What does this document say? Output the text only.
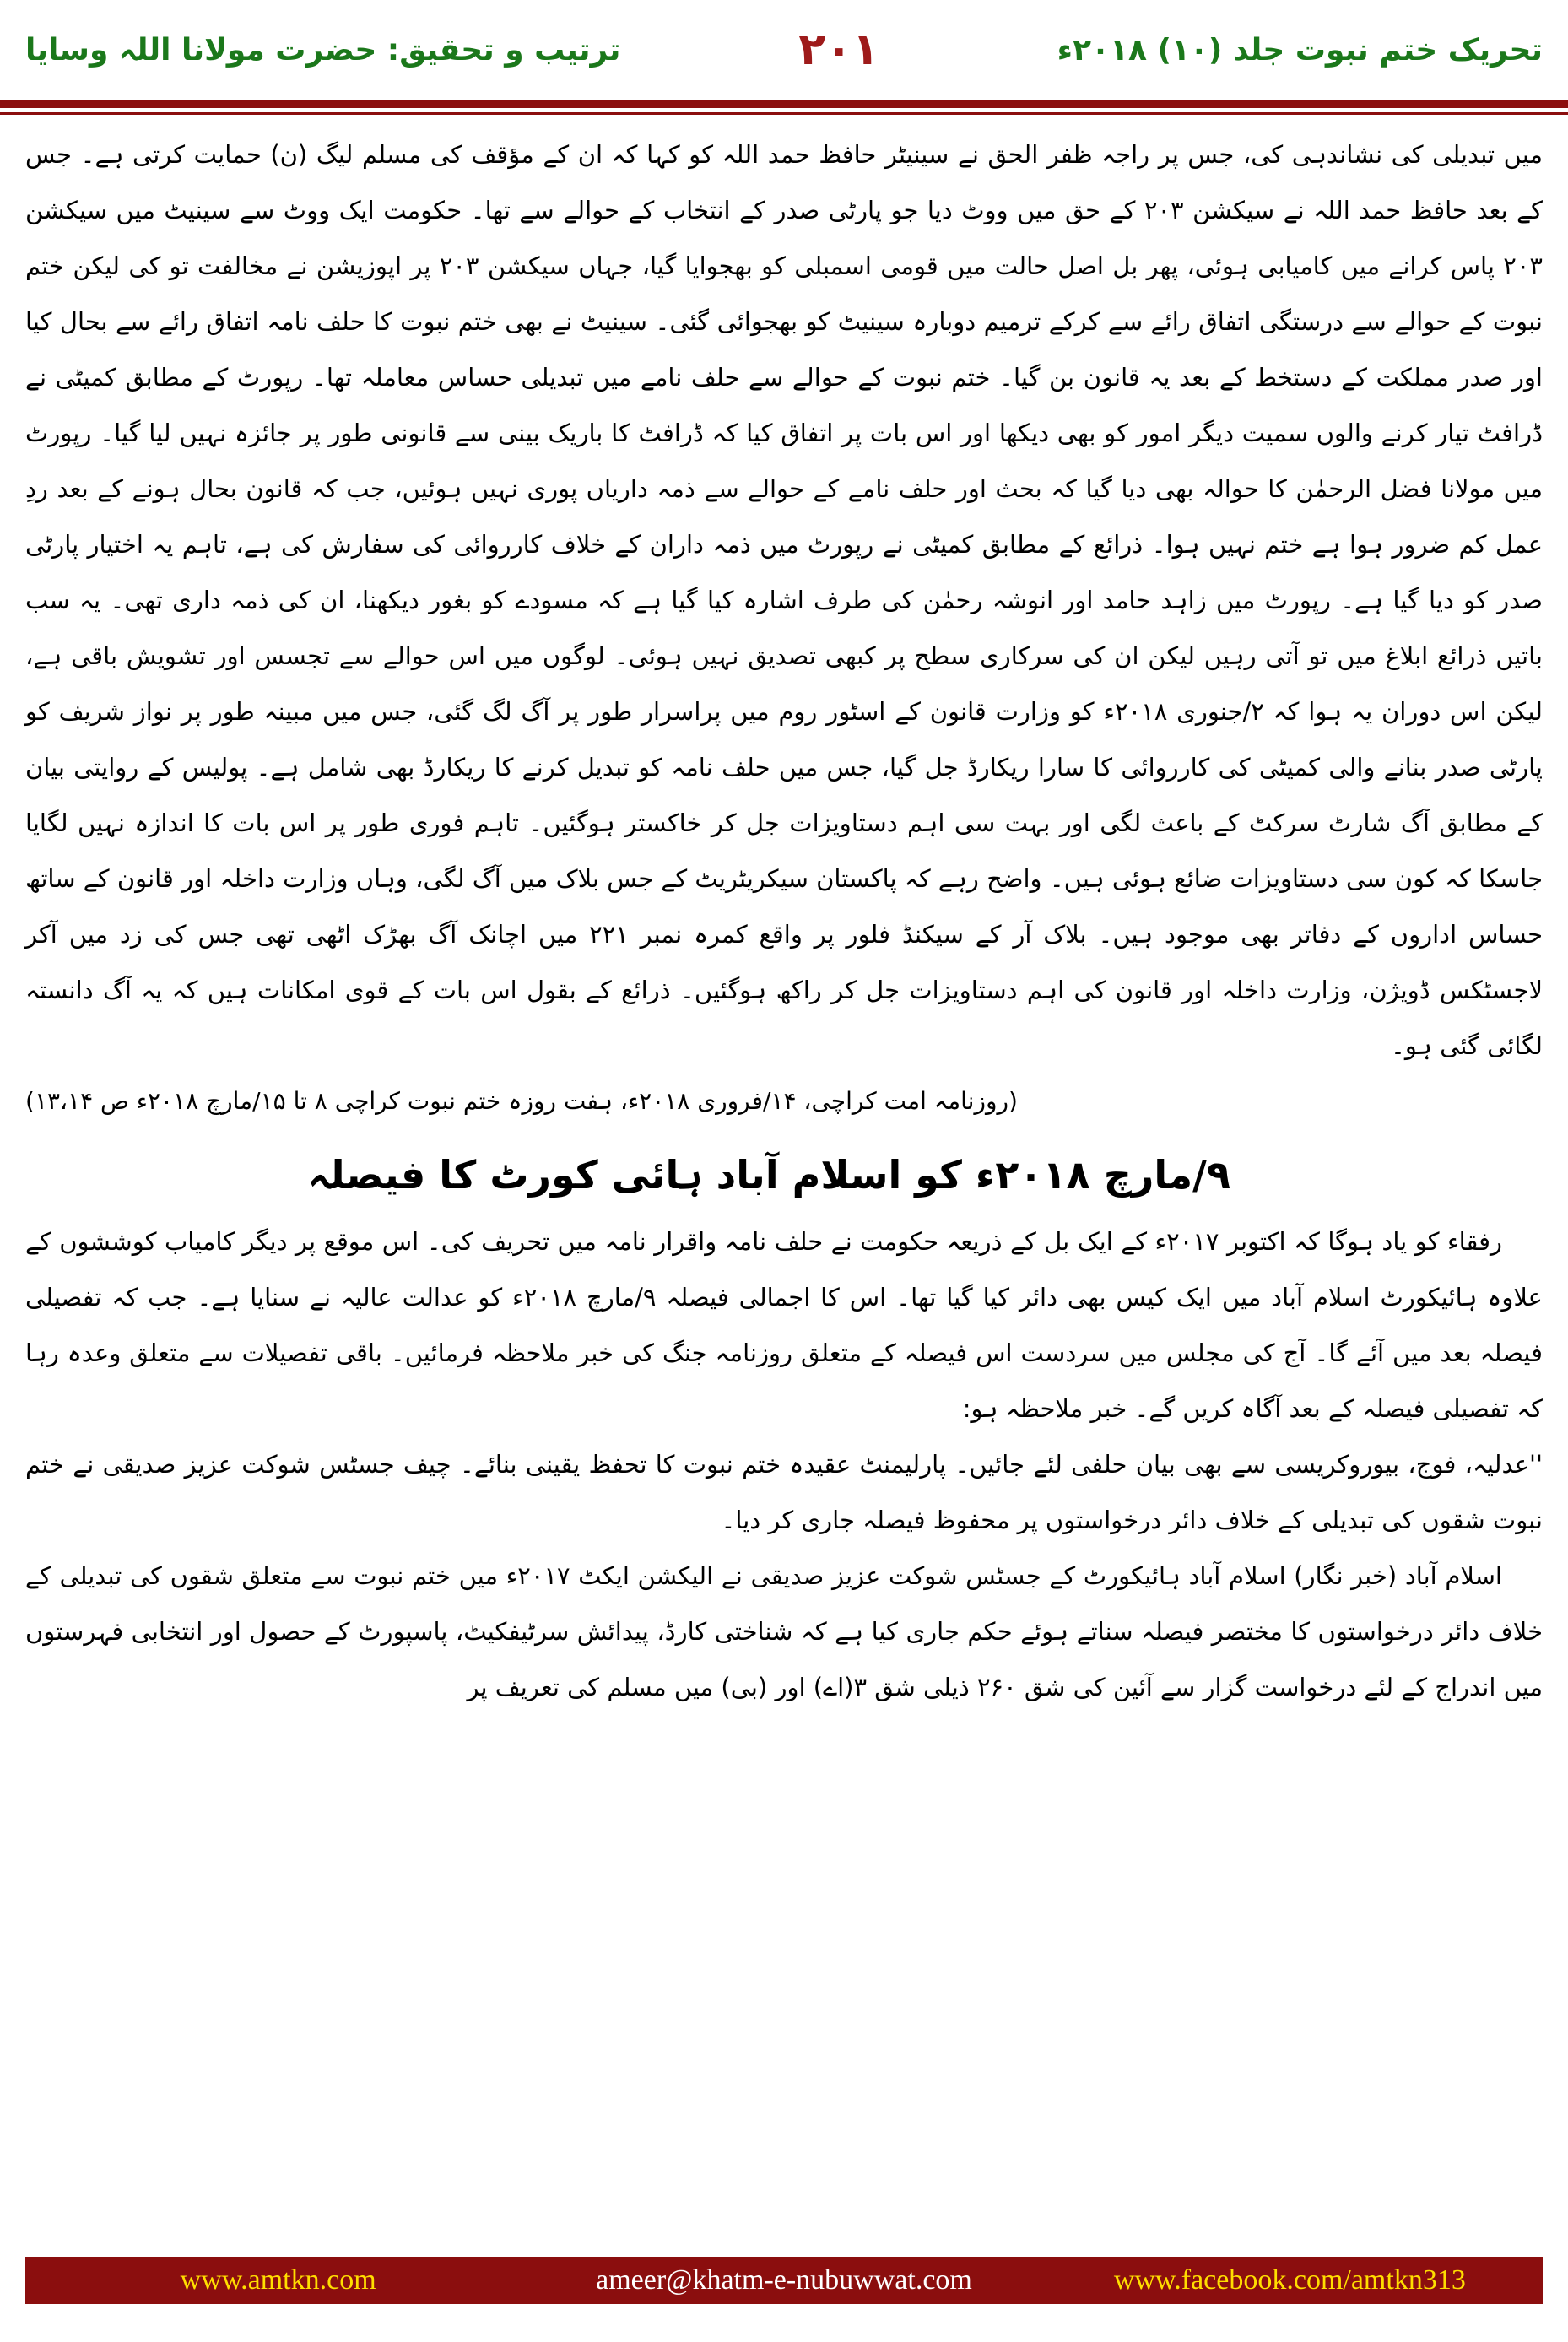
ترتیب و تحقیق: حضرت مولانا اللہ وسایا	۲۰۱	تحریک ختم نبوت جلد (۱۰) ۲۰۱۸ء

میں تبدیلی کی نشاندہی کی، جس پر راجہ ظفر الحق نے سینیٹر حافظ حمد اللہ کو کہا کہ ان کے مؤقف کی مسلم لیگ (ن) حمایت کرتی ہے۔ جس کے بعد حافظ حمد اللہ نے سیکشن ۲۰۳ کے حق میں ووٹ دیا جو پارٹی صدر کے انتخاب کے حوالے سے تھا۔ حکومت ایک ووٹ سے سینیٹ میں سیکشن ۲۰۳ پاس کرانے میں کامیابی ہوئی، پھر بل اصل حالت میں قومی اسمبلی کو بھجوایا گیا، جہاں سیکشن ۲۰۳ پر اپوزیشن نے مخالفت تو کی لیکن ختم نبوت کے حوالے سے درستگی اتفاق رائے سے کرکے ترمیم دوبارہ سینیٹ کو بھجوائی گئی۔ سینیٹ نے بھی ختم نبوت کا حلف نامہ اتفاق رائے سے بحال کیا اور صدر مملکت کے دستخط کے بعد یہ قانون بن گیا۔ ختم نبوت کے حوالے سے حلف نامے میں تبدیلی حساس معاملہ تھا۔ رپورٹ کے مطابق کمیٹی نے ڈرافٹ تیار کرنے والوں سمیت دیگر امور کو بھی دیکھا اور اس بات پر اتفاق کیا کہ ڈرافٹ کا باریک بینی سے قانونی طور پر جائزہ نہیں لیا گیا۔ رپورٹ میں مولانا فضل الرحمٰن کا حوالہ بھی دیا گیا کہ بحث اور حلف نامے کے حوالے سے ذمہ داریاں پوری نہیں ہوئیں، جب کہ قانون بحال ہونے کے بعد ردِ عمل کم ضرور ہوا ہے ختم نہیں ہوا۔ ذرائع کے مطابق کمیٹی نے رپورٹ میں ذمہ داران کے خلاف کارروائی کی سفارش کی ہے، تاہم یہ اختیار پارٹی صدر کو دیا گیا ہے۔ رپورٹ میں زاہد حامد اور انوشہ رحمٰن کی طرف اشارہ کیا گیا ہے کہ مسودے کو بغور دیکھنا، ان کی ذمہ داری تھی۔ یہ سب باتیں ذرائع ابلاغ میں تو آتی رہیں لیکن ان کی سرکاری سطح پر کبھی تصدیق نہیں ہوئی۔ لوگوں میں اس حوالے سے تجسس اور تشویش باقی ہے، لیکن اس دوران یہ ہوا کہ ۲/جنوری ۲۰۱۸ء کو وزارت قانون کے اسٹور روم میں پراسرار طور پر آگ لگ گئی، جس میں مبینہ طور پر نواز شریف کو پارٹی صدر بنانے والی کمیٹی کی کارروائی کا سارا ریکارڈ جل گیا، جس میں حلف نامہ کو تبدیل کرنے کا ریکارڈ بھی شامل ہے۔ پولیس کے روایتی بیان کے مطابق آگ شارٹ سرکٹ کے باعث لگی اور بہت سی اہم دستاویزات جل کر خاکستر ہوگئیں۔ تاہم فوری طور پر اس بات کا اندازہ نہیں لگایا جاسکا کہ کون سی دستاویزات ضائع ہوئی ہیں۔ واضح رہے کہ پاکستان سیکریٹریٹ کے جس بلاک میں آگ لگی، وہاں وزارت داخلہ اور قانون کے ساتھ حساس اداروں کے دفاتر بھی موجود ہیں۔ بلاک آر کے سیکنڈ فلور پر واقع کمرہ نمبر ۲۲۱ میں اچانک آگ بھڑک اٹھی تھی جس کی زد میں آکر لاجسٹکس ڈویژن، وزارت داخلہ اور قانون کی اہم دستاویزات جل کر راکھ ہوگئیں۔ ذرائع کے بقول اس بات کے قوی امکانات ہیں کہ یہ آگ دانستہ لگائی گئی ہو۔

(روزنامہ امت کراچی، ۱۴/فروری ۲۰۱۸ء، ہفت روزہ ختم نبوت کراچی ۸ تا ۱۵/مارچ ۲۰۱۸ء ص ۱۳،۱۴)

۹/مارچ ۲۰۱۸ء کو اسلام آباد ہائی کورٹ کا فیصلہ

رفقاء کو یاد ہوگا کہ اکتوبر ۲۰۱۷ء کے ایک بل کے ذریعہ حکومت نے حلف نامہ واقرار نامہ میں تحریف کی۔ اس موقع پر دیگر کامیاب کوششوں کے علاوہ ہائیکورٹ اسلام آباد میں ایک کیس بھی دائر کیا گیا تھا۔ اس کا اجمالی فیصلہ ۹/مارچ ۲۰۱۸ء کو عدالت عالیہ نے سنایا ہے۔ جب کہ تفصیلی فیصلہ بعد میں آئے گا۔ آج کی مجلس میں سردست اس فیصلہ کے متعلق روزنامہ جنگ کی خبر ملاحظہ فرمائیں۔ باقی تفصیلات سے متعلق وعدہ رہا کہ تفصیلی فیصلہ کے بعد آگاہ کریں گے۔ خبر ملاحظہ ہو:

''عدلیہ، فوج، بیوروکریسی سے بھی بیان حلفی لئے جائیں۔ پارلیمنٹ عقیدہ ختم نبوت کا تحفظ یقینی بنائے۔ چیف جسٹس شوکت عزیز صدیقی نے ختم نبوت شقوں کی تبدیلی کے خلاف دائر درخواستوں پر محفوظ فیصلہ جاری کر دیا۔

اسلام آباد (خبر نگار) اسلام آباد ہائیکورٹ کے جسٹس شوکت عزیز صدیقی نے الیکشن ایکٹ ۲۰۱۷ء میں ختم نبوت سے متعلق شقوں کی تبدیلی کے خلاف دائر درخواستوں کا مختصر فیصلہ سناتے ہوئے حکم جاری کیا ہے کہ شناختی کارڈ، پیدائش سرٹیفکیٹ، پاسپورٹ کے حصول اور انتخابی فہرستوں میں اندراج کے لئے درخواست گزار سے آئین کی شق ۲۶۰ ذیلی شق ۳(اے) اور (بی) میں مسلم کی تعریف پر

www.amtkn.com	ameer@khatm-e-nubuwwat.com	www.facebook.com/amtkn313
